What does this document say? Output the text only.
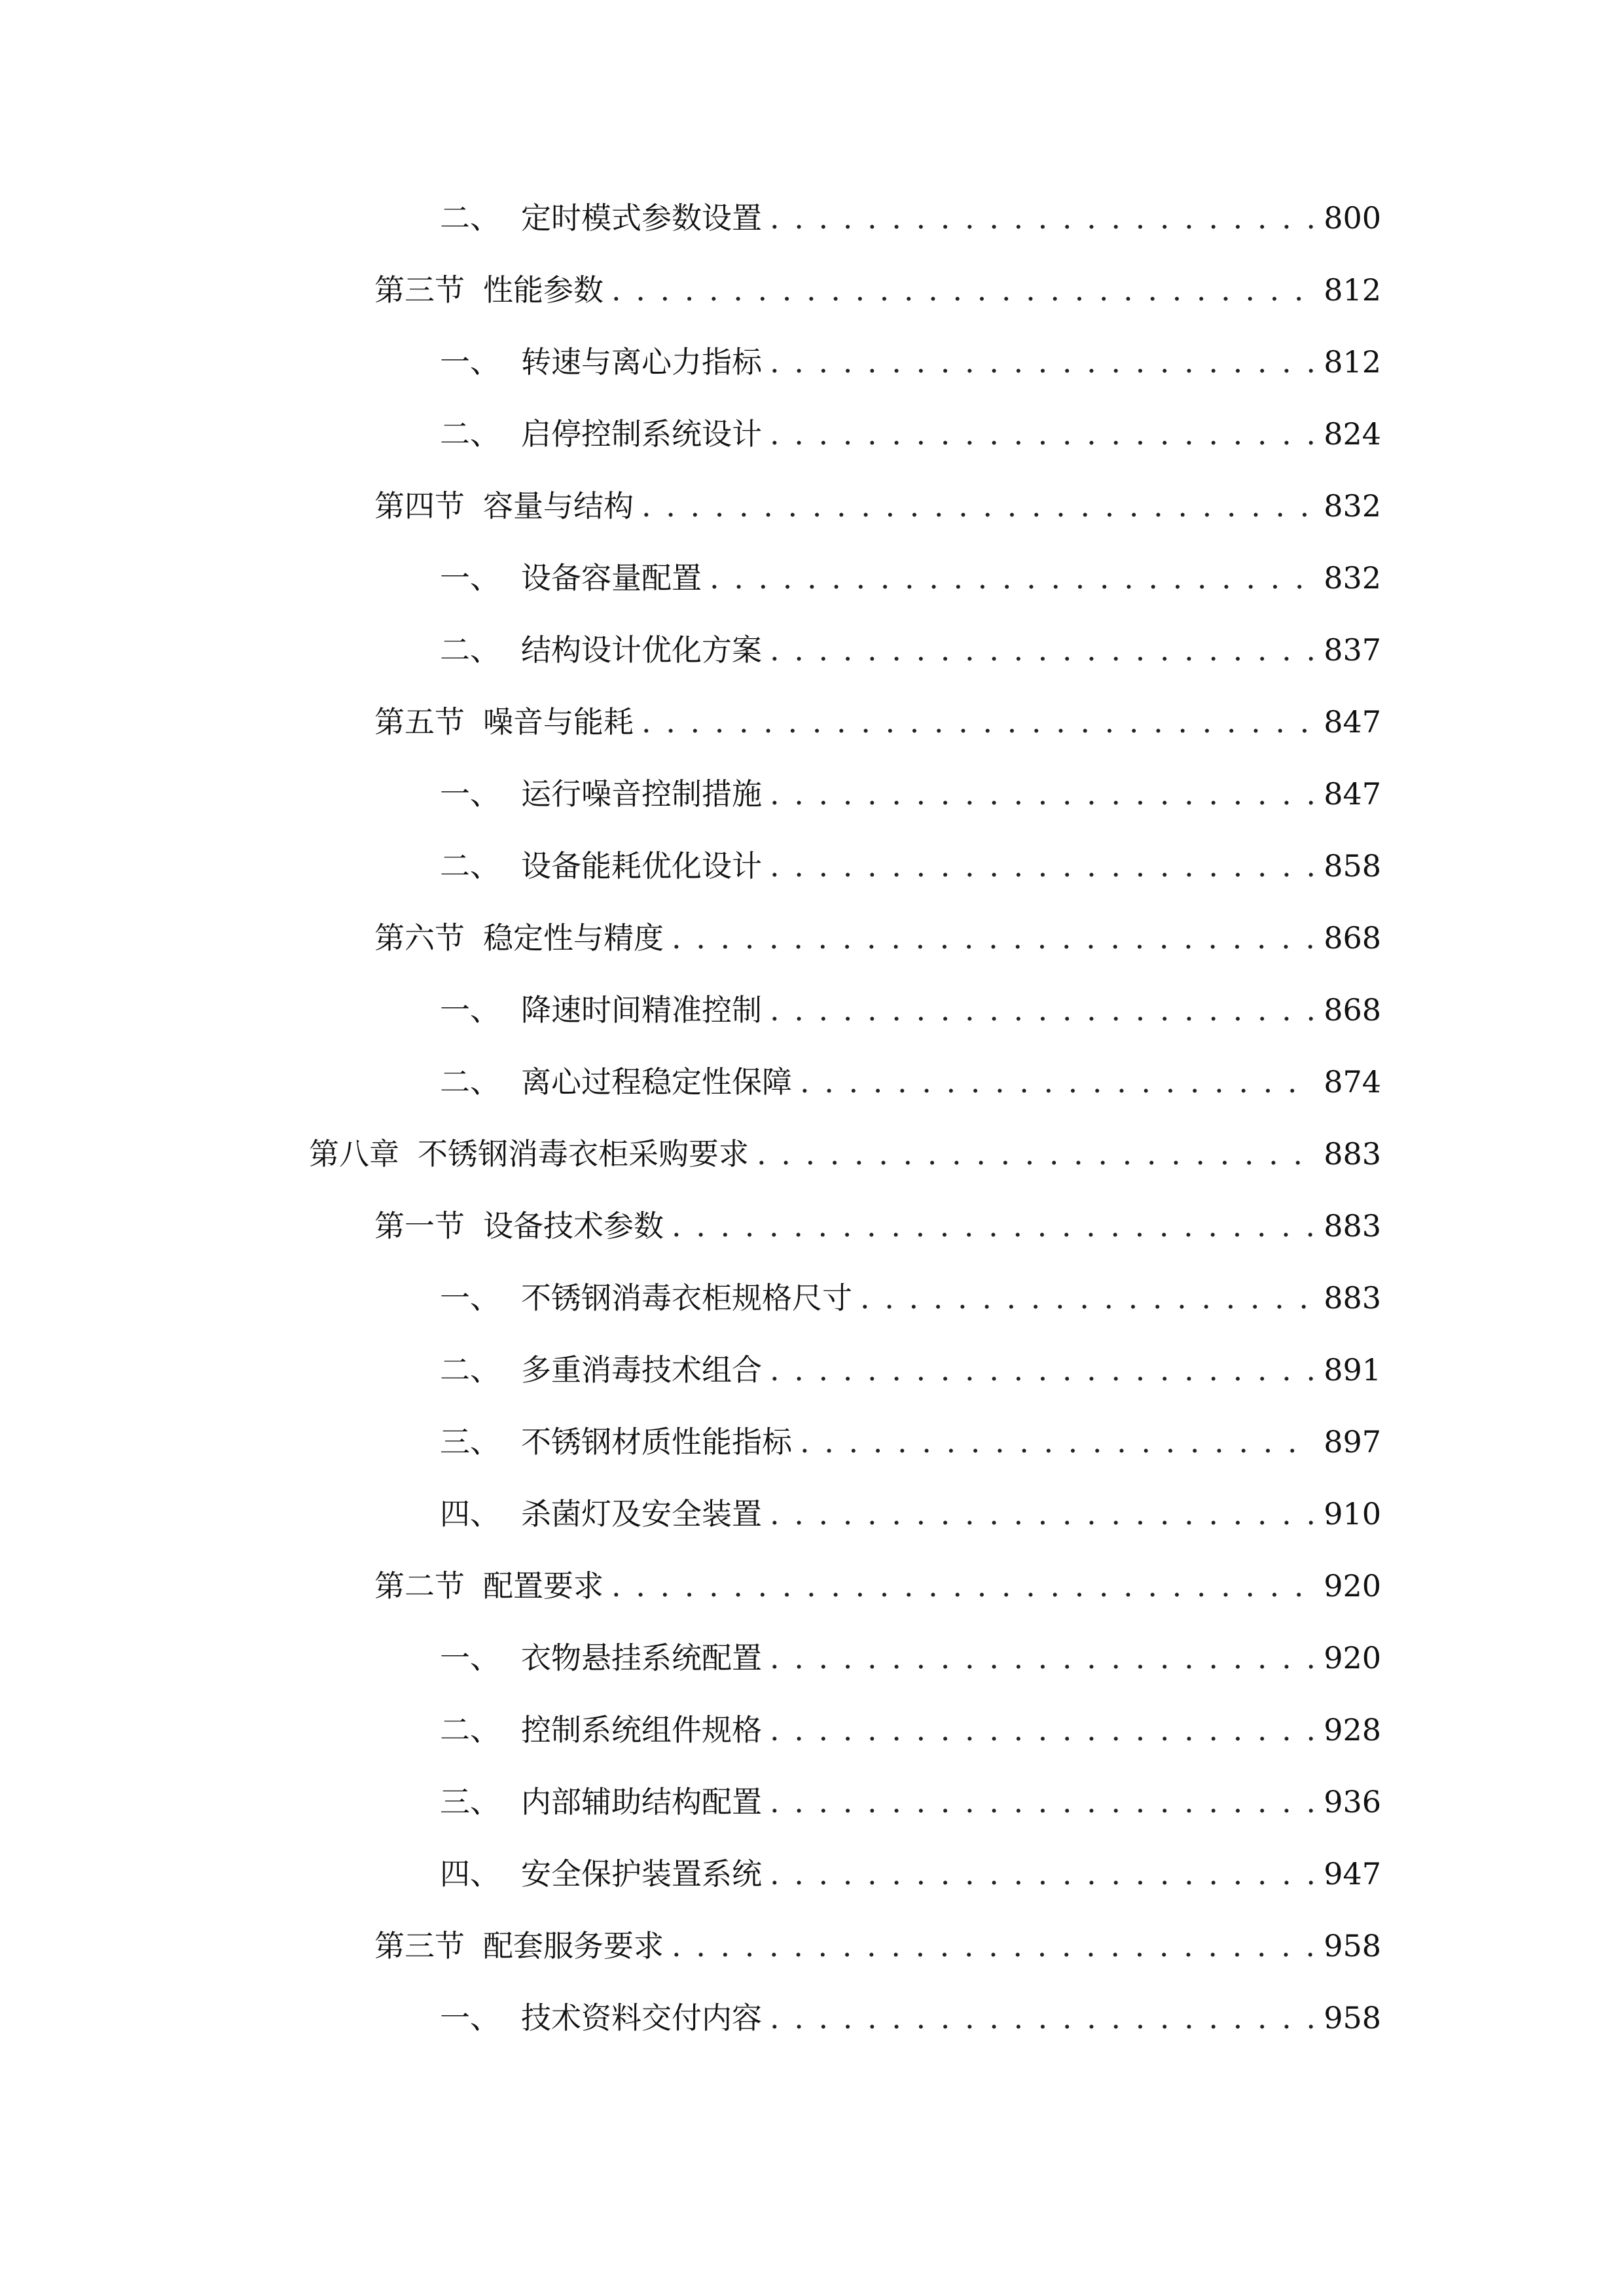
二、 定时模式参数设置 . . .	800
第三节 性能参数 . . .	812
一、 转速与离心力指标 . . .	812
二、 启停控制系统设计 . . .	824
第四节 容量与结构 . . .	832
一、 设备容量配置 . . .	832
二、 结构设计优化方案 . . .	837
第五节 噪音与能耗 . . .	847
一、 运行噪音控制措施 . . .	847
二、 设备能耗优化设计 . . .	858
第六节 稳定性与精度 . . .	868
一、 降速时间精准控制 . . .	868
二、 离心过程稳定性保障 . . .	874
第八章 不锈钢消毒衣柜采购要求 . . .	883
第一节 设备技术参数 . . .	883
一、 不锈钢消毒衣柜规格尺寸 . . .	883
二、 多重消毒技术组合 . . .	891
三、 不锈钢材质性能指标 . . .	897
四、 杀菌灯及安全装置 . . .	910
第二节 配置要求 . . .	920
一、 衣物悬挂系统配置 . . .	920
二、 控制系统组件规格 . . .	928
三、 内部辅助结构配置 . . .	936
四、 安全保护装置系统 . . .	947
第三节 配套服务要求 . . .	958
一、 技术资料交付内容 . . .	958
